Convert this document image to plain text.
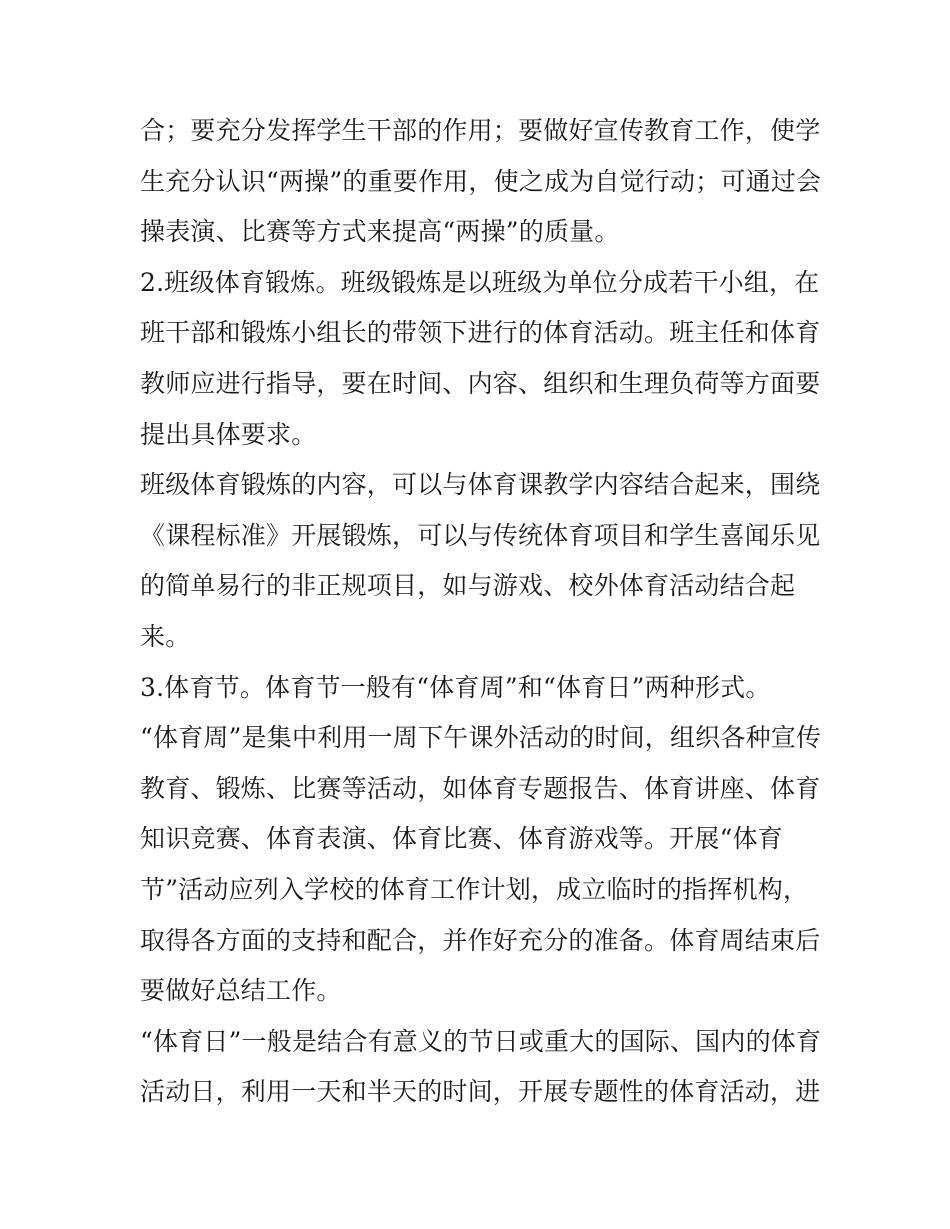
合；要充分发挥学生干部的作用；要做好宣传教育工作，使学
生充分认识“两操”的重要作用，使之成为自觉行动；可通过会
操表演、比赛等方式来提高“两操”的质量。
2.班级体育锻炼。班级锻炼是以班级为单位分成若干小组，在
班干部和锻炼小组长的带领下进行的体育活动。班主任和体育
教师应进行指导，要在时间、内容、组织和生理负荷等方面要
提出具体要求。
班级体育锻炼的内容，可以与体育课教学内容结合起来，围绕
《课程标准》开展锻炼，可以与传统体育项目和学生喜闻乐见
的简单易行的非正规项目，如与游戏、校外体育活动结合起
来。
3.体育节。体育节一般有“体育周”和“体育日”两种形式。
“体育周”是集中利用一周下午课外活动的时间，组织各种宣传
教育、锻炼、比赛等活动，如体育专题报告、体育讲座、体育
知识竞赛、体育表演、体育比赛、体育游戏等。开展“体育
节”活动应列入学校的体育工作计划，成立临时的指挥机构，
取得各方面的支持和配合，并作好充分的准备。体育周结束后
要做好总结工作。
“体育日”一般是结合有意义的节日或重大的国际、国内的体育
活动日，利用一天和半天的时间，开展专题性的体育活动，进
